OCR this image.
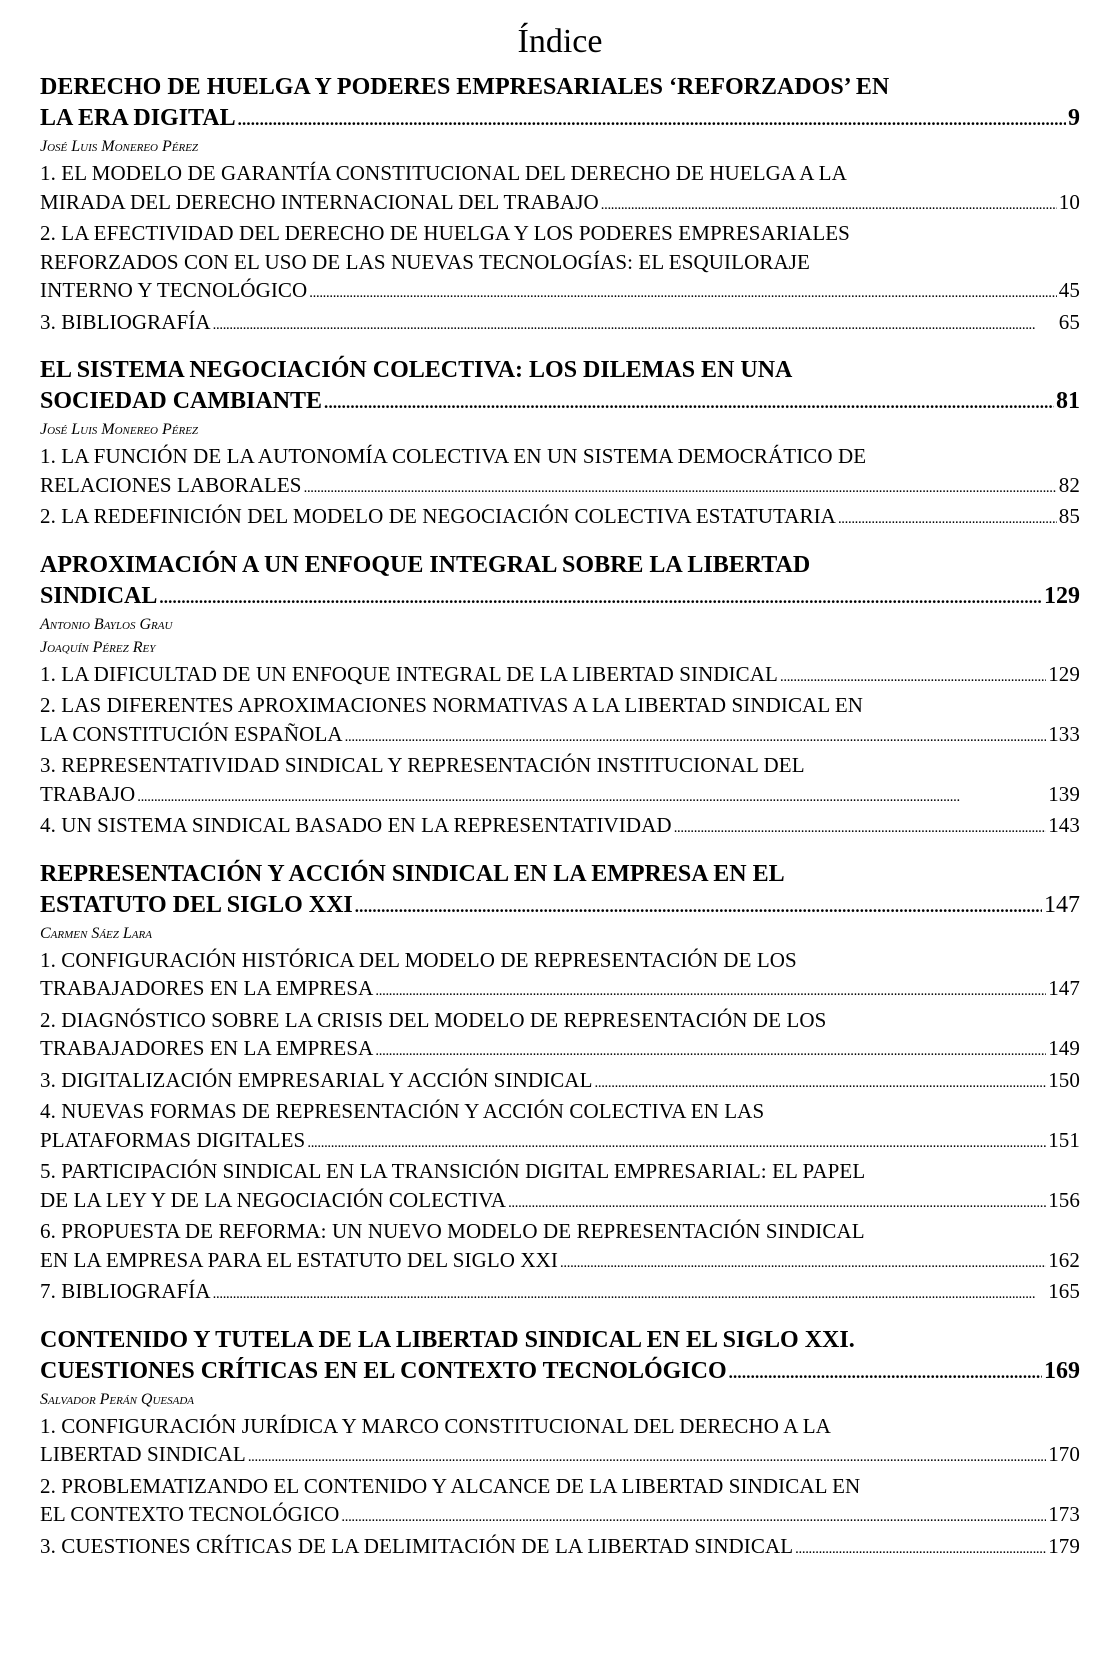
Índice
DERECHO DE HUELGA Y PODERES EMPRESARIALES ‘REFORZADOS’ EN
LA ERA DIGITAL . . .	9
José Luis Monereo Pérez
1. EL MODELO DE GARANTÍA CONSTITUCIONAL DEL DERECHO DE HUELGA A LA
MIRADA DEL DERECHO INTERNACIONAL DEL TRABAJO . . .	10
2. LA EFECTIVIDAD DEL DERECHO DE HUELGA Y LOS PODERES EMPRESARIALES
REFORZADOS CON EL USO DE LAS NUEVAS TECNOLOGÍAS: EL ESQUILORAJE
INTERNO Y TECNOLÓGICO . . .	45
3. BIBLIOGRAFÍA . . .	65
EL SISTEMA NEGOCIACIÓN COLECTIVA: LOS DILEMAS EN UNA
SOCIEDAD CAMBIANTE . . .	81
José Luis Monereo Pérez
1. LA FUNCIÓN DE LA AUTONOMÍA COLECTIVA EN UN SISTEMA DEMOCRÁTICO DE
RELACIONES LABORALES . . .	82
2. LA REDEFINICIÓN DEL MODELO DE NEGOCIACIÓN COLECTIVA ESTATUTARIA . . .	85
APROXIMACIÓN A UN ENFOQUE INTEGRAL SOBRE LA LIBERTAD
SINDICAL . . .	129
Antonio Baylos Grau
Joaquín Pérez Rey
1. LA DIFICULTAD DE UN ENFOQUE INTEGRAL DE LA LIBERTAD SINDICAL . . .	129
2. LAS DIFERENTES APROXIMACIONES NORMATIVAS A LA LIBERTAD SINDICAL EN
LA CONSTITUCIÓN ESPAÑOLA . . .	133
3. REPRESENTATIVIDAD SINDICAL Y REPRESENTACIÓN INSTITUCIONAL DEL
TRABAJO . . .	139
4. UN SISTEMA SINDICAL BASADO EN LA REPRESENTATIVIDAD . . .	143
REPRESENTACIÓN Y ACCIÓN SINDICAL EN LA EMPRESA EN EL
ESTATUTO DEL SIGLO XXI . . .	147
Carmen Sáez Lara
1. CONFIGURACIÓN HISTÓRICA DEL MODELO DE REPRESENTACIÓN DE LOS
TRABAJADORES EN LA EMPRESA . . .	147
2. DIAGNÓSTICO SOBRE LA CRISIS DEL MODELO DE REPRESENTACIÓN DE LOS
TRABAJADORES EN LA EMPRESA . . .	149
3. DIGITALIZACIÓN EMPRESARIAL Y ACCIÓN SINDICAL . . .	150
4. NUEVAS FORMAS DE REPRESENTACIÓN Y ACCIÓN COLECTIVA EN LAS
PLATAFORMAS DIGITALES . . .	151
5. PARTICIPACIÓN SINDICAL EN LA TRANSICIÓN DIGITAL EMPRESARIAL: EL PAPEL
DE LA LEY Y DE LA NEGOCIACIÓN COLECTIVA . . .	156
6. PROPUESTA DE REFORMA: UN NUEVO MODELO DE REPRESENTACIÓN SINDICAL
EN LA EMPRESA PARA EL ESTATUTO DEL SIGLO XXI . . .	162
7. BIBLIOGRAFÍA . . .	165
CONTENIDO Y TUTELA DE LA LIBERTAD SINDICAL EN EL SIGLO XXI.
CUESTIONES CRÍTICAS EN EL CONTEXTO TECNOLÓGICO . . .	169
Salvador Perán Quesada
1. CONFIGURACIÓN JURÍDICA Y MARCO CONSTITUCIONAL DEL DERECHO A LA
LIBERTAD SINDICAL . . .	170
2. PROBLEMATIZANDO EL CONTENIDO Y ALCANCE DE LA LIBERTAD SINDICAL EN
EL CONTEXTO TECNOLÓGICO . . .	173
3. CUESTIONES CRÍTICAS DE LA DELIMITACIÓN DE LA LIBERTAD SINDICAL . . .	179
